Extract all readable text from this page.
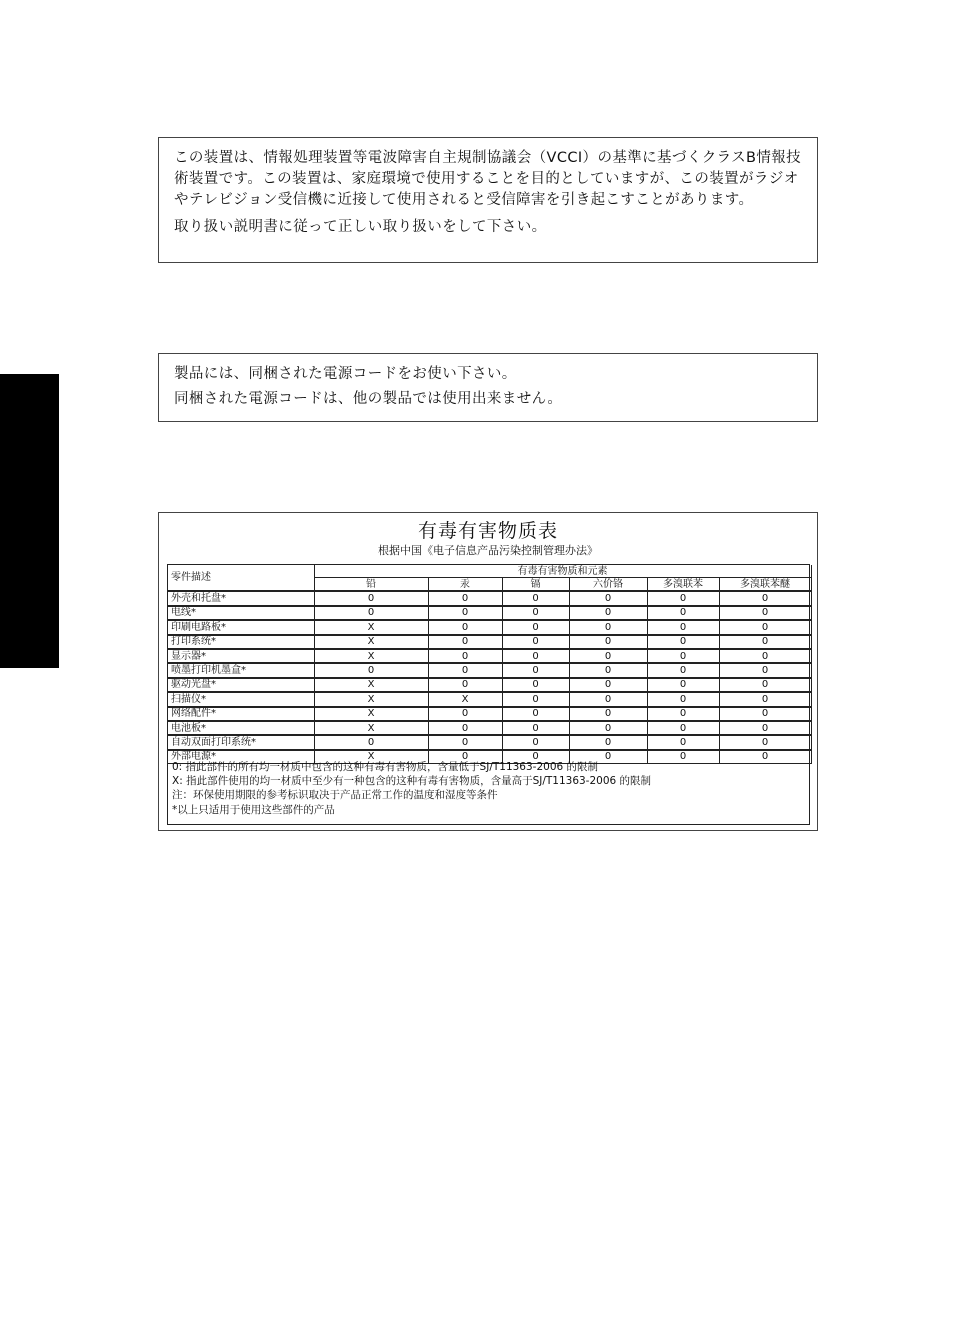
この装置は、情報処理装置等電波障害自主規制協議会（VCCI）の基準に基づくクラスB情報技術装置です。この装置は、家庭環境で使用することを目的としていますが、この装置がラジオやテレビジョン受信機に近接して使用されると受信障害を引き起こすことがあります。
取り扱い説明書に従って正しい取り扱いをして下さい。
製品には、同梱された電源コードをお使い下さい。
同梱された電源コードは、他の製品では使用出来ません。
有毒有害物质表
根据中国《电子信息产品污染控制管理办法》
零件描述	有毒有害物质和元素					
	铅	汞	镉	六价铬	多溴联苯	多溴联苯醚
外壳和托盘*	0	0	0	0	0	0
电线*	0	0	0	0	0	0
印刷电路板*	X	0	0	0	0	0
打印系统*	X	0	0	0	0	0
显示器*	X	0	0	0	0	0
喷墨打印机墨盒*	0	0	0	0	0	0
驱动光盘*	X	0	0	0	0	0
扫描仪*	X	X	0	0	0	0
网络配件*	X	0	0	0	0	0
电池板*	X	0	0	0	0	0
自动双面打印系统*	0	0	0	0	0	0
外部电源*	X	0	0	0	0	0
0: 指此部件的所有均一材质中包含的这种有毒有害物质，含量低于SJ/T11363-2006 的限制
X: 指此部件使用的均一材质中至少有一种包含的这种有毒有害物质，含量高于SJ/T11363-2006 的限制
注：环保使用期限的参考标识取决于产品正常工作的温度和湿度等条件
*以上只适用于使用这些部件的产品
